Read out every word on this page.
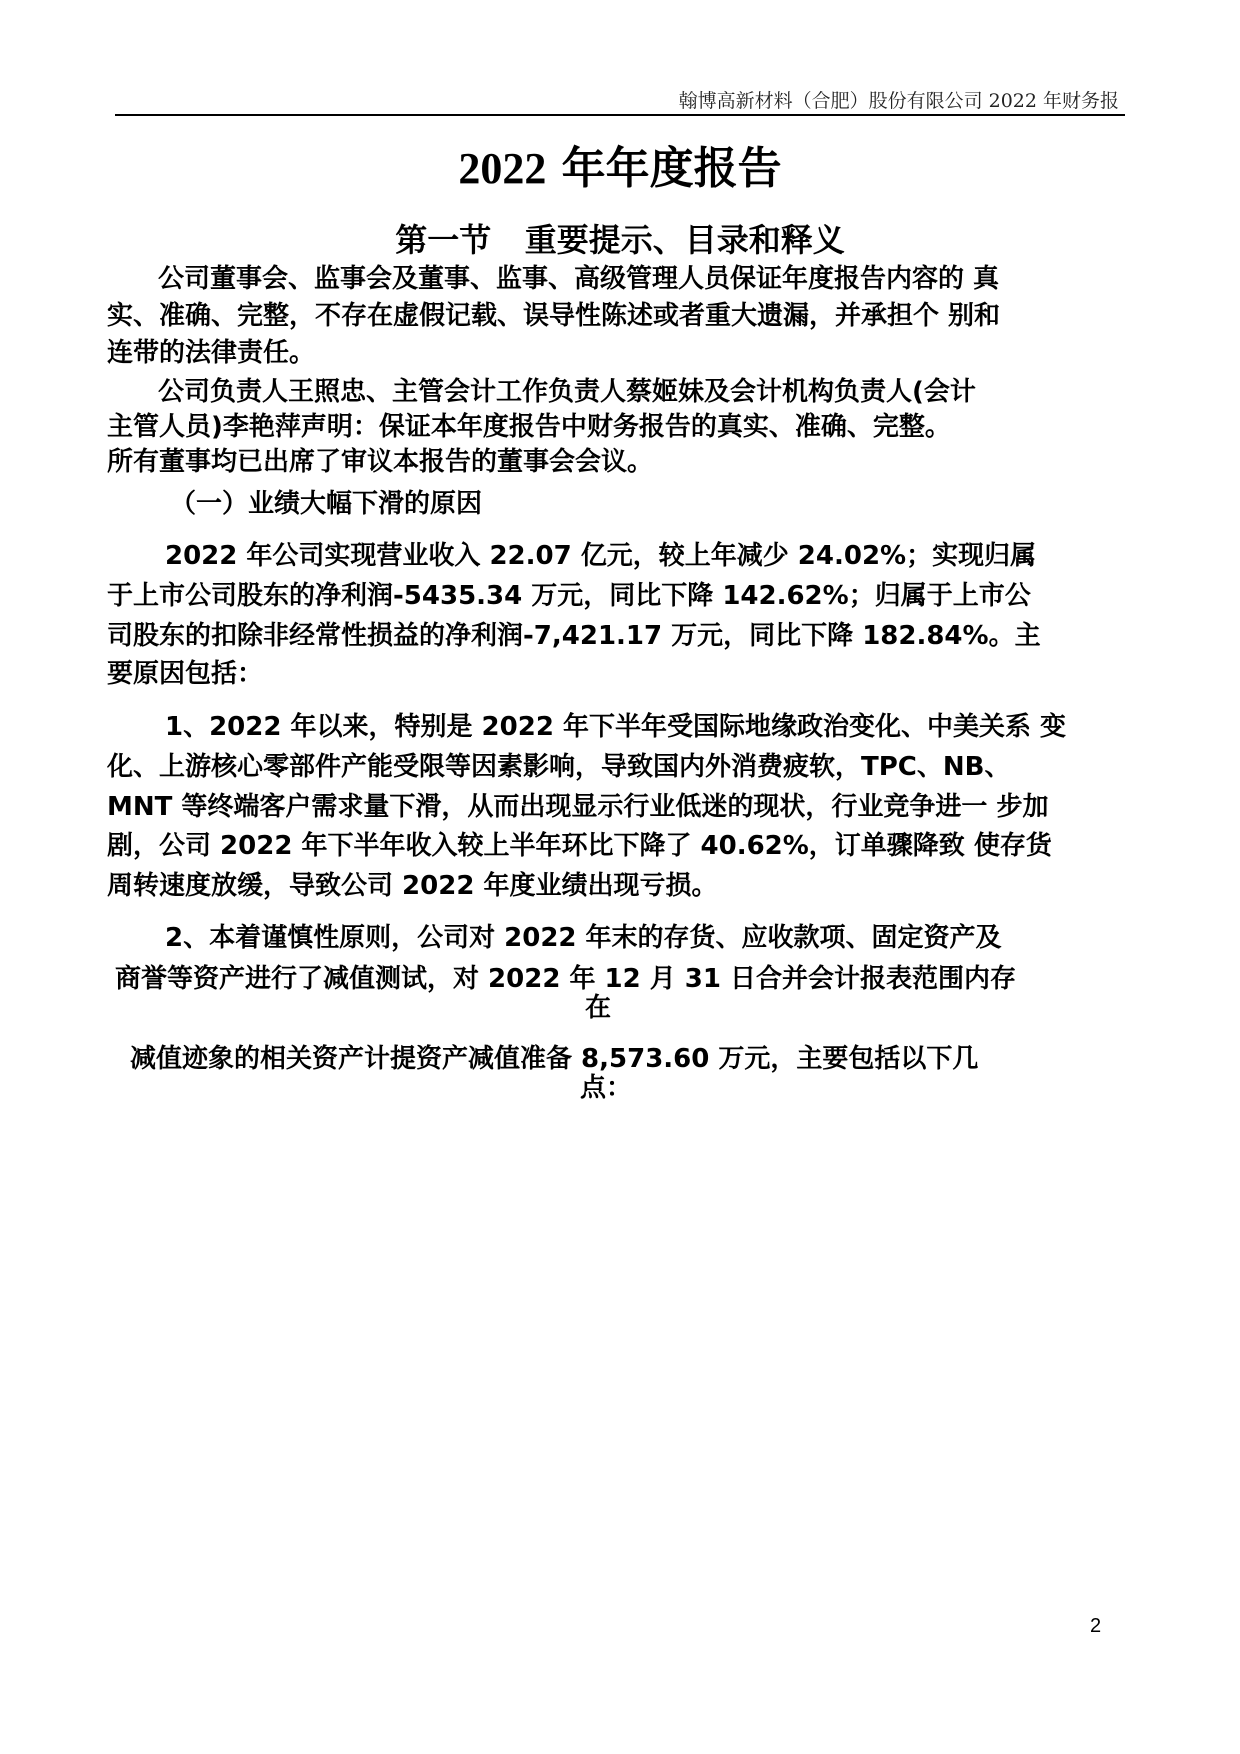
翰博高新材料（合肥）股份有限公司 2022 年财务报
2022 年年度报告
第一节   重要提示、目录和释义
公司董事会、监事会及董事、监事、高级管理人员保证年度报告内容的 真
实、准确、完整，不存在虚假记载、误导性陈述或者重大遗漏，并承担个 别和
连带的法律责任。
公司负责人王照忠、主管会计工作负责人蔡姬妹及会计机构负责人(会计
主管人员)李艳萍声明：保证本年度报告中财务报告的真实、准确、完整。
所有董事均已出席了审议本报告的董事会会议。
（一）业绩大幅下滑的原因
2022 年公司实现营业收入 22.07 亿元，较上年减少 24.02%；实现归属
于上市公司股东的净利润-5435.34 万元，同比下降 142.62%；归属于上市公
司股东的扣除非经常性损益的净利润-7,421.17 万元，同比下降 182.84%。主
要原因包括：
1、2022 年以来，特别是 2022 年下半年受国际地缘政治变化、中美关系 变
化、上游核心零部件产能受限等因素影响，导致国内外消费疲软，TPC、NB、
MNT 等终端客户需求量下滑，从而出现显示行业低迷的现状，行业竞争进一 步加
剧，公司 2022 年下半年收入较上半年环比下降了 40.62%，订单骤降致 使存货
周转速度放缓，导致公司 2022 年度业绩出现亏损。
2、本着谨慎性原则，公司对 2022 年末的存货、应收款项、固定资产及
商誉等资产进行了减值测试，对 2022 年 12 月 31 日合并会计报表范围内存
在
减值迹象的相关资产计提资产减值准备 8,573.60 万元，主要包括以下几
点：
2
